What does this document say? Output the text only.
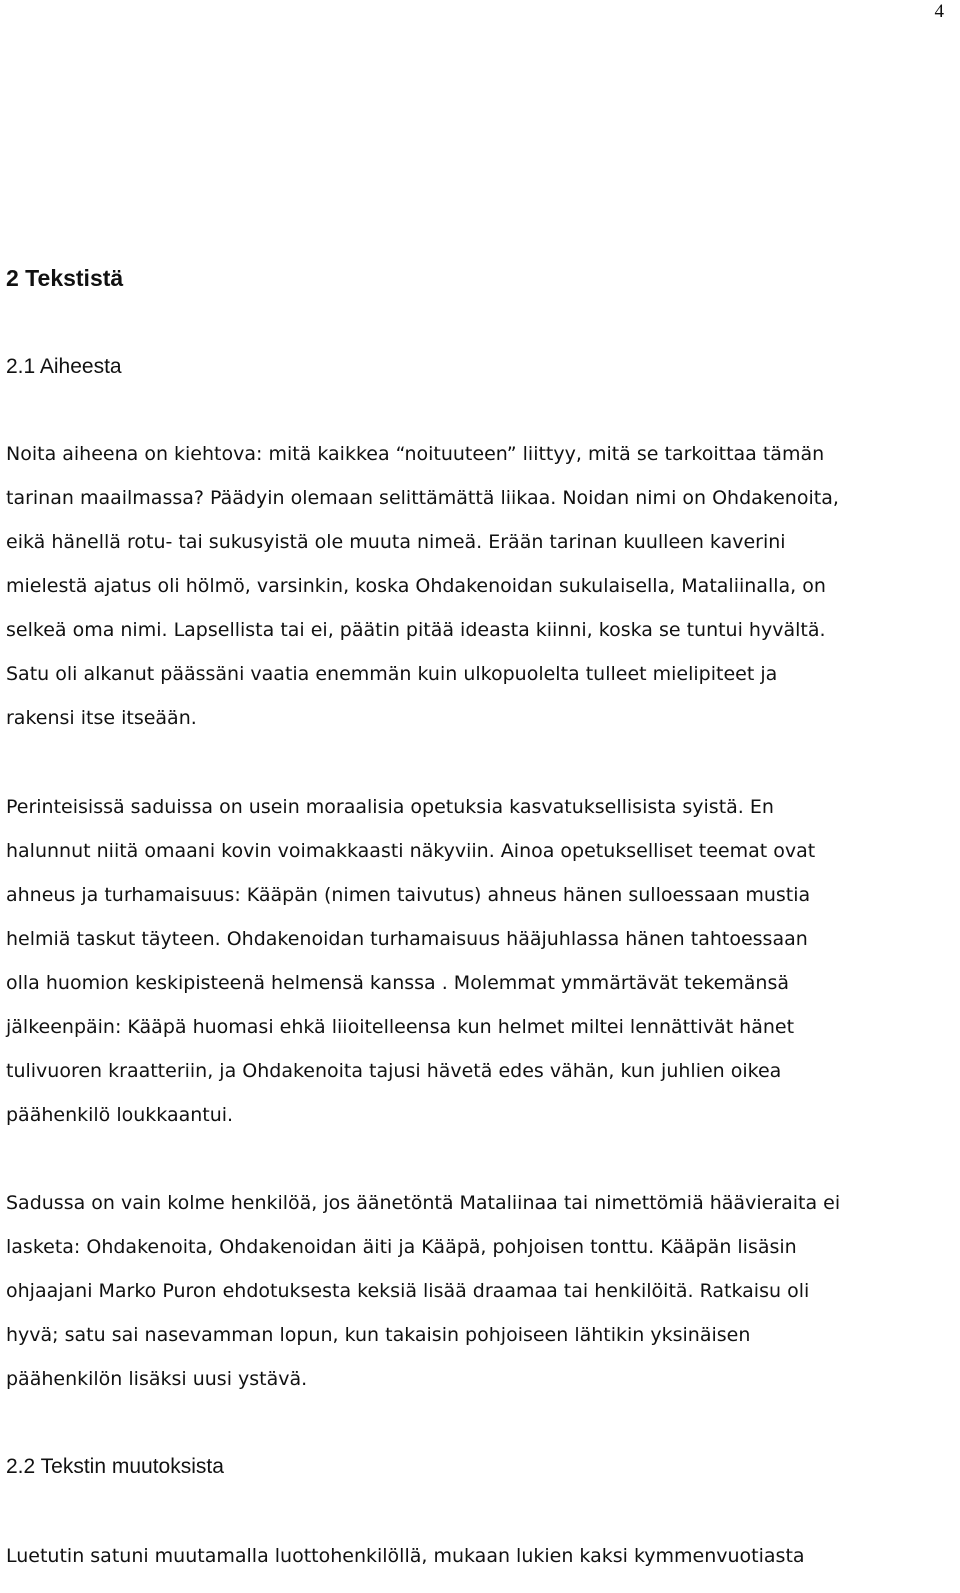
4
2 Tekstistä
2.1 Aiheesta
Noita aiheena on kiehtova: mitä kaikkea “noituuteen” liittyy, mitä se tarkoittaa tämän
tarinan maailmassa? Päädyin olemaan selittämättä liikaa. Noidan nimi on Ohdakenoita,
eikä hänellä rotu- tai sukusyistä ole muuta nimeä. Erään tarinan kuulleen kaverini
mielestä ajatus oli hölmö, varsinkin, koska Ohdakenoidan sukulaisella, Mataliinalla, on
selkeä oma nimi. Lapsellista tai ei, päätin pitää ideasta kiinni, koska se tuntui hyvältä.
Satu oli alkanut päässäni vaatia enemmän kuin ulkopuolelta tulleet mielipiteet ja
rakensi itse itseään.
Perinteisissä saduissa on usein moraalisia opetuksia kasvatuksellisista syistä. En
halunnut niitä omaani kovin voimakkaasti näkyviin. Ainoa opetukselliset teemat ovat
ahneus ja turhamaisuus: Kääpän (nimen taivutus) ahneus hänen sulloessaan mustia
helmiä taskut täyteen. Ohdakenoidan turhamaisuus hääjuhlassa hänen tahtoessaan
olla huomion keskipisteenä helmensä kanssa . Molemmat ymmärtävät tekemänsä
jälkeenpäin: Kääpä huomasi ehkä liioitelleensa kun helmet miltei lennättivät hänet
tulivuoren kraatteriin, ja Ohdakenoita tajusi hävetä edes vähän, kun juhlien oikea
päähenkilö loukkaantui.
Sadussa on vain kolme henkilöä, jos äänetöntä Mataliinaa tai nimettömiä häävieraita ei
lasketa: Ohdakenoita, Ohdakenoidan äiti ja Kääpä, pohjoisen tonttu. Kääpän lisäsin
ohjaajani Marko Puron ehdotuksesta keksiä lisää draamaa tai henkilöitä. Ratkaisu oli
hyvä; satu sai nasevamman lopun, kun takaisin pohjoiseen lähtikin yksinäisen
päähenkilön lisäksi uusi ystävä.
2.2 Tekstin muutoksista
Luetutin satuni muutamalla luottohenkilöllä, mukaan lukien kaksi kymmenvuotiasta
